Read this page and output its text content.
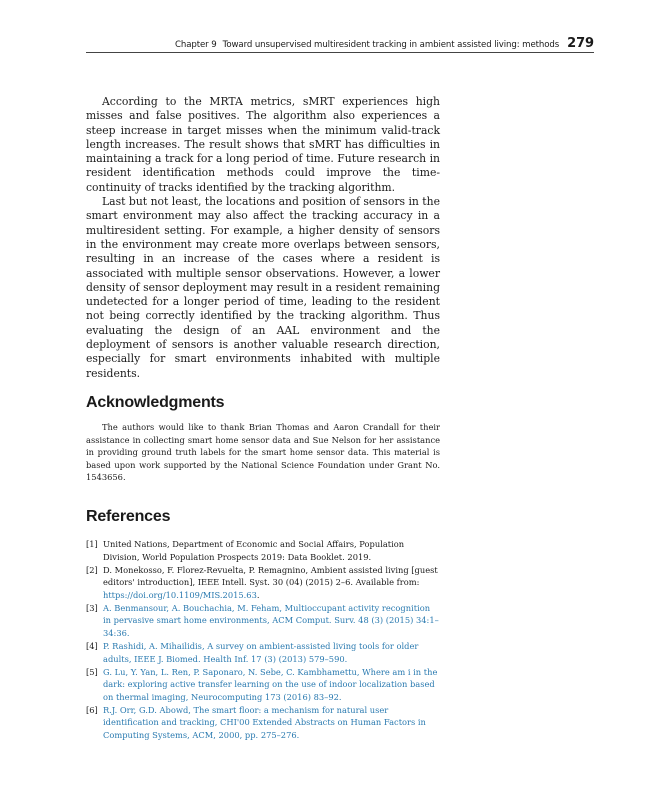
Chapter 9 Toward unsupervised multiresident tracking in ambient assisted living: methods 279

According to the MRTA metrics, sMRT experiences high misses and false positives. The algorithm also experiences a steep increase in target misses when the minimum valid-track length increases. The result shows that sMRT has difficulties in maintaining a track for a long period of time. Future research in resident identification methods could improve the time-continuity of tracks identified by the tracking algorithm.

Last but not least, the locations and position of sensors in the smart environment may also affect the tracking accuracy in a multiresident setting. For example, a higher density of sensors in the environment may create more overlaps between sensors, resulting in an increase of the cases where a resident is associated with multiple sensor observations. However, a lower density of sensor deployment may result in a resident remaining undetected for a longer period of time, leading to the resident not being correctly identified by the tracking algorithm. Thus evaluating the design of an AAL environment and the deployment of sensors is another valuable research direction, especially for smart environments inhabited with multiple residents.

Acknowledgments

The authors would like to thank Brian Thomas and Aaron Crandall for their assistance in collecting smart home sensor data and Sue Nelson for her assistance in providing ground truth labels for the smart home sensor data. This material is based upon work supported by the National Science Foundation under Grant No. 1543656.

References
[1] United Nations, Department of Economic and Social Affairs, Population Division, World Population Prospects 2019: Data Booklet. 2019.
[2] D. Monekosso, F. Florez-Revuelta, P. Remagnino, Ambient assisted living [guest editors' introduction], IEEE Intell. Syst. 30 (04) (2015) 2–6. Available from: https://doi.org/10.1109/MIS.2015.63.
[3] A. Benmansour, A. Bouchachia, M. Feham, Multioccupant activity recognition in pervasive smart home environments, ACM Comput. Surv. 48 (3) (2015) 34:1–34:36.
[4] P. Rashidi, A. Mihailidis, A survey on ambient-assisted living tools for older adults, IEEE J. Biomed. Health Inf. 17 (3) (2013) 579–590.
[5] G. Lu, Y. Yan, L. Ren, P. Saponaro, N. Sebe, C. Kambhamettu, Where am i in the dark: exploring active transfer learning on the use of indoor localization based on thermal imaging, Neurocomputing 173 (2016) 83–92.
[6] R.J. Orr, G.D. Abowd, The smart floor: a mechanism for natural user identification and tracking, CHI'00 Extended Abstracts on Human Factors in Computing Systems, ACM, 2000, pp. 275–276.
